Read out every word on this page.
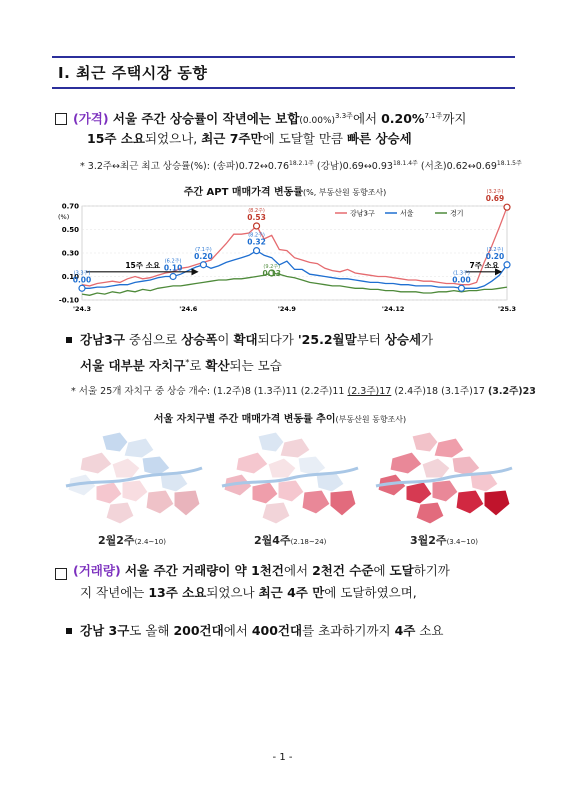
Ⅰ. 최근 주택시장 동향
(가격) 서울 주간 상승률이 작년에는 보합$(0.00\%)^{3.3주}$에서 0.20%$^{7.1주}$까지
15주 소요되었으나, 최근 7주만에 도달할 만큼 빠른 상승세
* 3.2주↔최근 최고 상승률(%): (송파)$0.72\leftrightarrow 0.76^{18.2.1주}$ (강남)$0.69\leftrightarrow 0.93^{18.1.4주}$ (서초)$0.62\leftrightarrow 0.69^{18.1.5주}$
주간 APT 매매가격 변동률(%, 부동산원 동향조사)
0.70
0.50
0.30
0.10
-0.10
(%)
'24.3	'24.6	'24.9	'24.12	'25.3
강남3구	서울	경기
15주 소요	7주 소요
0.00
(3.3주)
0.10
(6.2주)
0.20
(7.1주)
0.53
(8.2주)
0.32
(8.2주)
0.13
(9.2주)
0.00
(1.3주)
0.20
(3.2주)
0.69
(3.2주)
강남3구 중심으로 상승폭이 확대되다가 '25.2월말부터 상승세가
서울 대부분 자치구*로 확산되는 모습
* 서울 25개 자치구 중 상승 개수: (1.2주)8 (1.3주)11 (2.2주)11 (2.3주)17 (2.4주)18 (3.1주)17 (3.2주)23
서울 자치구별 주간 매매가격 변동률 추이(부동산원 동향조사)
2월2주(2.4~10)	2월4주(2.18~24)	3월2주(3.4~10)
(거래량) 서울 주간 거래량이 약 1천건에서 2천건 수준에 도달하기까
지 작년에는 13주 소요되었으나 최근 4주 만에 도달하였으며,
강남 3구도 올해 200건대에서 400건대를 초과하기까지 4주 소요
- 1 -
